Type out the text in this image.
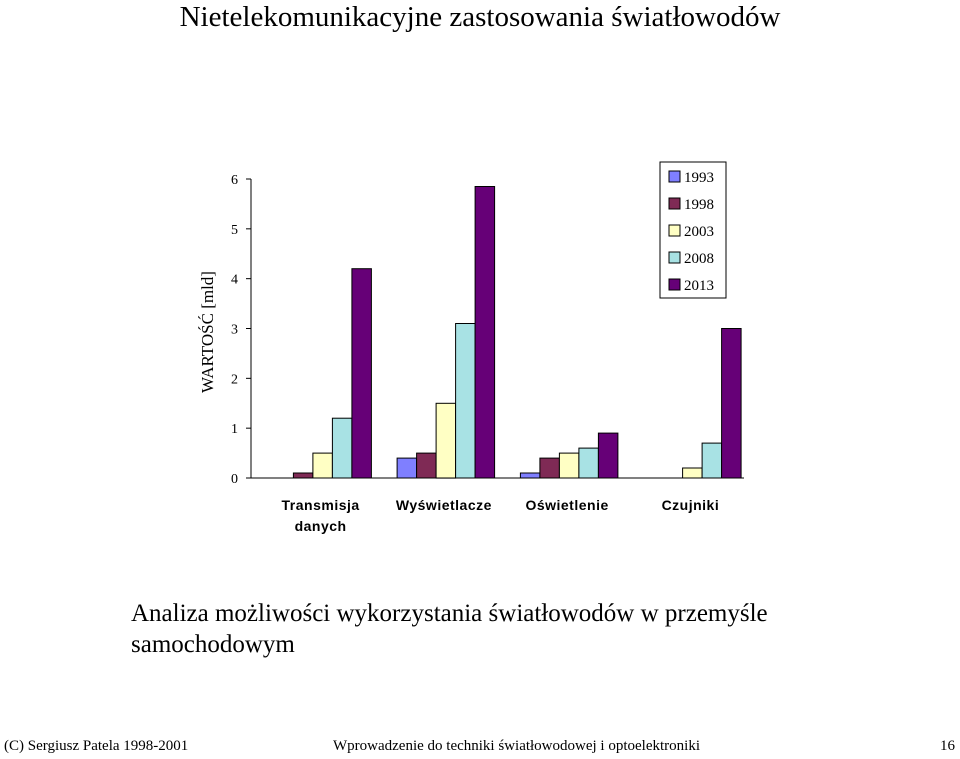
Nietelekomunikacyjne zastosowania światłowodów
0
1
2
3
4
5
6
WARTOŚĆ [mld]
Transmisja
danych
Wyświetlacze Oświetlenie	Czujniki
1993
1998
2003
2008
2013
Analiza możliwości wykorzystania światłowodów w przemyśle samochodowym
(C) Sergiusz Patela 1998-2001	Wprowadzenie do techniki światłowodowej i optoelektroniki	16
